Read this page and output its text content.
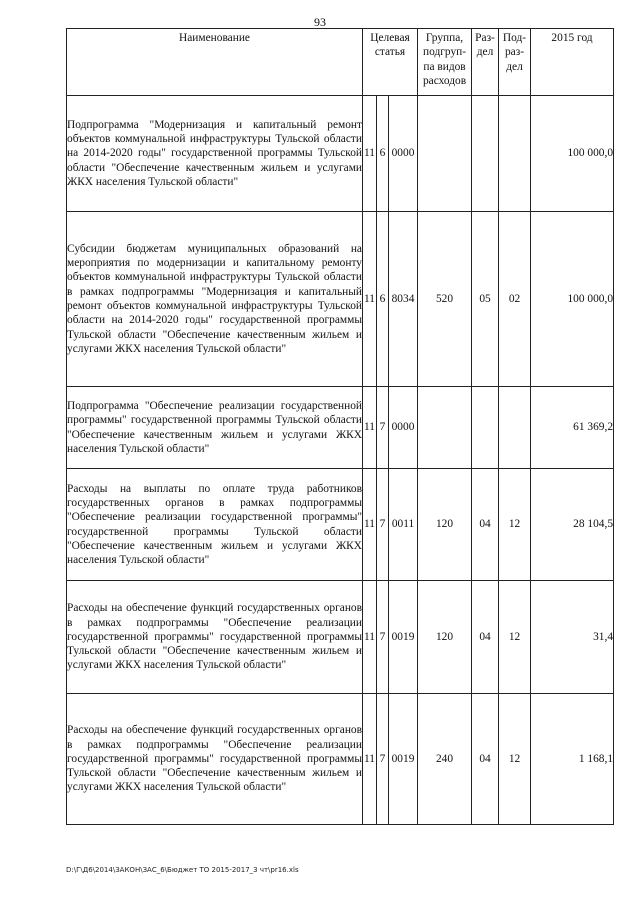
93
Наименование	Целевая статья			Группа, подгруп-па видов расходов	Раз-дел	Под-раз-дел	2015 год
Подпрограмма "Модернизация и капитальный ремонт объектов коммунальной инфраструктуры Тульской области на 2014-2020 годы" государственной программы Тульской области "Обеспечение качественным жильем и услугами ЖКХ населения Тульской области"	11	6	0000				100 000,0
Субсидии бюджетам муниципальных образований на мероприятия по модернизации и капитальному ремонту объектов коммунальной инфраструктуры Тульской области в рамках подпрограммы "Модернизация и капитальный ремонт объектов коммунальной инфраструктуры Тульской области на 2014-2020 годы" государственной программы Тульской области "Обеспечение качественным жильем и услугами ЖКХ населения Тульской области"	11	6	8034	520	05	02	100 000,0
Подпрограмма "Обеспечение реализации государственной программы" государственной программы Тульской области "Обеспечение качественным жильем и услугами ЖКХ населения Тульской области"	11	7	0000				61 369,2
Расходы на выплаты по оплате труда работников государственных органов в рамках подпрограммы "Обеспечение реализации государственной программы" государственной программы Тульской области "Обеспечение качественным жильем и услугами ЖКХ населения Тульской области"	11	7	0011	120	04	12	28 104,5
Расходы на обеспечение функций государственных органов в рамках подпрограммы "Обеспечение реализации государственной программы" государственной программы Тульской области "Обеспечение качественным жильем и услугами ЖКХ населения Тульской области"	11	7	0019	120	04	12	31,4
Расходы на обеспечение функций государственных органов в рамках подпрограммы "Обеспечение реализации государственной программы" государственной программы Тульской области "Обеспечение качественным жильем и услугами ЖКХ населения Тульской области"	11	7	0019	240	04	12	1 168,1
D:\Г\Д6\2014\ЗАКОН\ЗАС_6\Бюджет ТО 2015-2017_3 чт\pr16.xls
